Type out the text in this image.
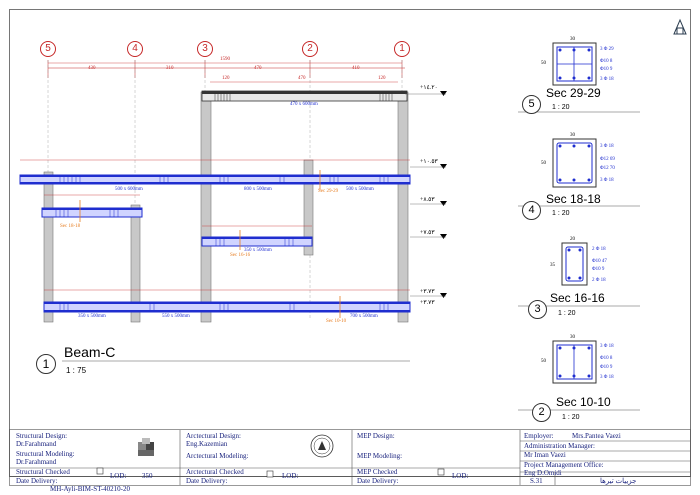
5	4	3	2	1
1590
430	310	470	410
120	470	120
+١٤.٢٠
+١٠.٥٣
+٨.٥٣
+٧.٥٣
+٣.٧٣
+٣.٧٣
470 x 600mm
500 x 600mm	800 x 500mm	500 x 500mm
350 x 500mm
700 x 500mm
550 x 500mm
350 x 500mm
Sec 29-29
Sec 18-18
Sec 16-16
Sec 10-10
1
Beam-C
1 : 75
5
Sec 29-29
1 : 20
30
50
3 Φ 29
Φ10 8
Φ10 9
3 Φ 18
4
Sec 18-18
1 : 20
30
50
3 Φ 18
Φ12 69
Φ12 70
3 Φ 18
3
Sec 16-16
1 : 20
20
35
2 Φ 18
Φ10 47
Φ10 9
2 Φ 18
2
Sec 10-10
1 : 20
30
50
3 Φ 18
Φ10 8
Φ10 9
3 Φ 18
Structural Design:
Dr.Farahmand
Structural Modeling:
Dr.Farahmand
Structural Checked
Date Delivery:
LOD: 350
Arctectural Design:
Eng.Kazemian
Arctectural Modeling:
Arctectural Checked
Date Delivery:
LOD:
MEP Design:
MEP Modeling:
MEP Checked
Date Delivery:
LOD:
Employer:	Mrs.Pantea Vaezi
Administration Manager:
Mr Iman Vaezi
Project Management Office:
Eng D.Omidi
S.31	جزییات تیرها
MH-Ayli-BIM-ST-40210-20
